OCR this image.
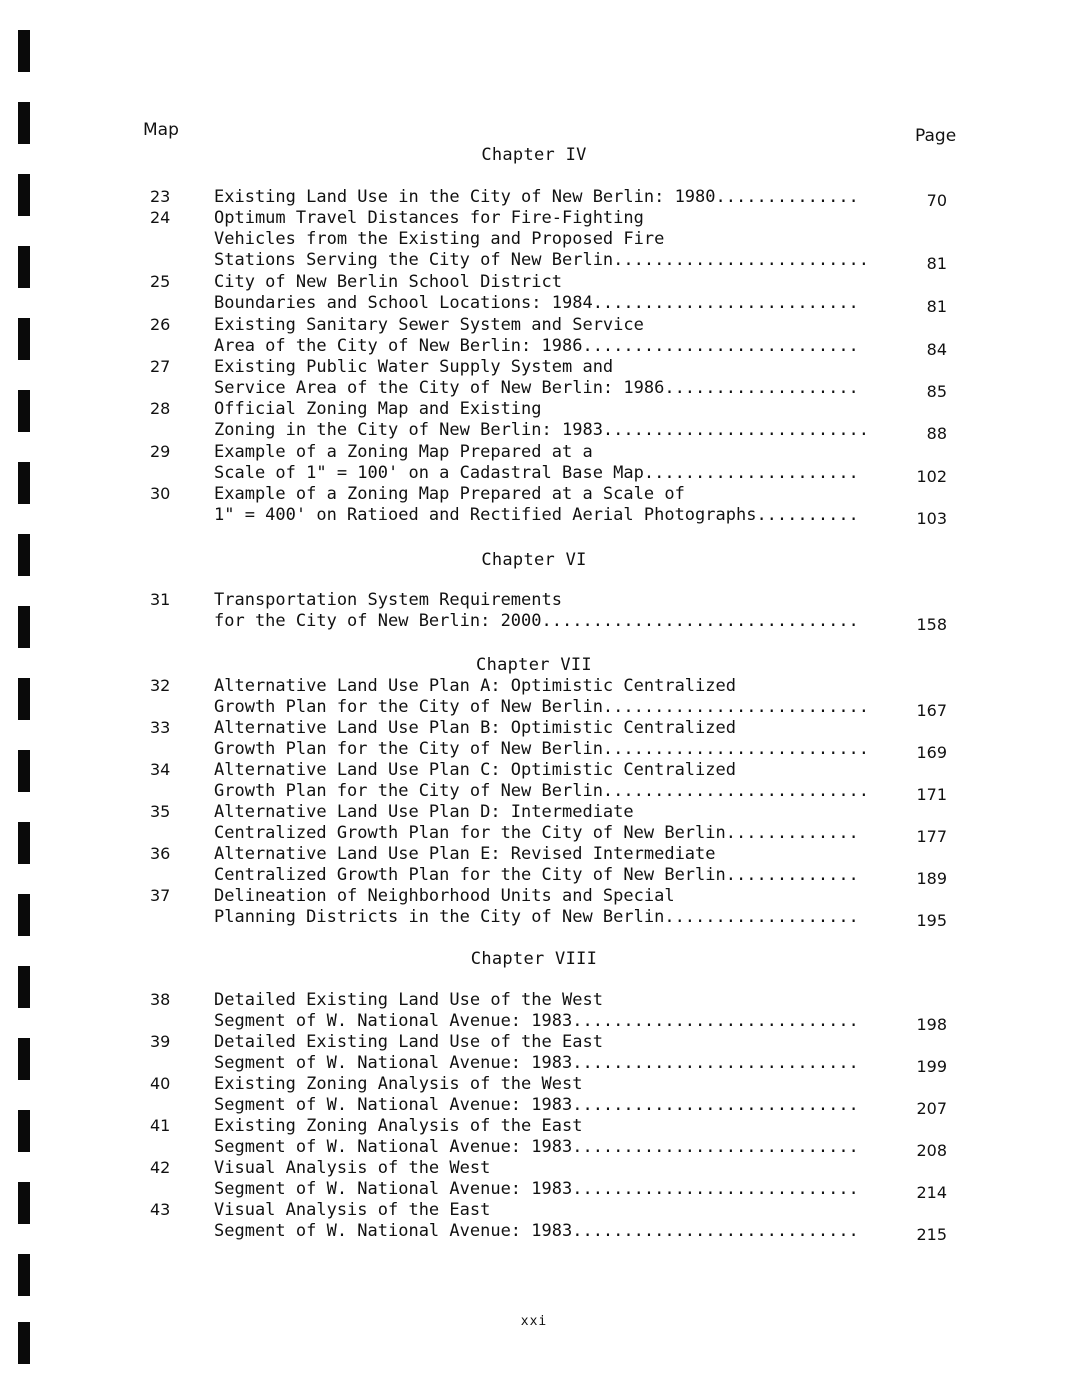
Map	Page
Chapter IV
23	Existing Land Use in the City of New Berlin: 1980..............	70
24	Optimum Travel Distances for Fire-Fighting
Vehicles from the Existing and Proposed Fire
Stations Serving the City of New Berlin.........................	81
25	City of New Berlin School District
Boundaries and School Locations: 1984..........................	81
26	Existing Sanitary Sewer System and Service
Area of the City of New Berlin: 1986...........................	84
27	Existing Public Water Supply System and
Service Area of the City of New Berlin: 1986...................	85
28	Official Zoning Map and Existing
Zoning in the City of New Berlin: 1983..........................	88
29	Example of a Zoning Map Prepared at a
Scale of 1" = 100' on a Cadastral Base Map.....................	102
30	Example of a Zoning Map Prepared at a Scale of
1" = 400' on Ratioed and Rectified Aerial Photographs..........	103
Chapter VI
31	Transportation System Requirements
for the City of New Berlin: 2000...............................	158
Chapter VII
32	Alternative Land Use Plan A: Optimistic Centralized
Growth Plan for the City of New Berlin..........................	167
33	Alternative Land Use Plan B: Optimistic Centralized
Growth Plan for the City of New Berlin..........................	169
34	Alternative Land Use Plan C: Optimistic Centralized
Growth Plan for the City of New Berlin..........................	171
35	Alternative Land Use Plan D: Intermediate
Centralized Growth Plan for the City of New Berlin.............	177
36	Alternative Land Use Plan E: Revised Intermediate
Centralized Growth Plan for the City of New Berlin.............	189
37	Delineation of Neighborhood Units and Special
Planning Districts in the City of New Berlin...................	195
Chapter VIII
38	Detailed Existing Land Use of the West
Segment of W. National Avenue: 1983............................	198
39	Detailed Existing Land Use of the East
Segment of W. National Avenue: 1983............................	199
40	Existing Zoning Analysis of the West
Segment of W. National Avenue: 1983............................	207
41	Existing Zoning Analysis of the East
Segment of W. National Avenue: 1983............................	208
42	Visual Analysis of the West
Segment of W. National Avenue: 1983............................	214
43	Visual Analysis of the East
Segment of W. National Avenue: 1983............................	215
xxi
